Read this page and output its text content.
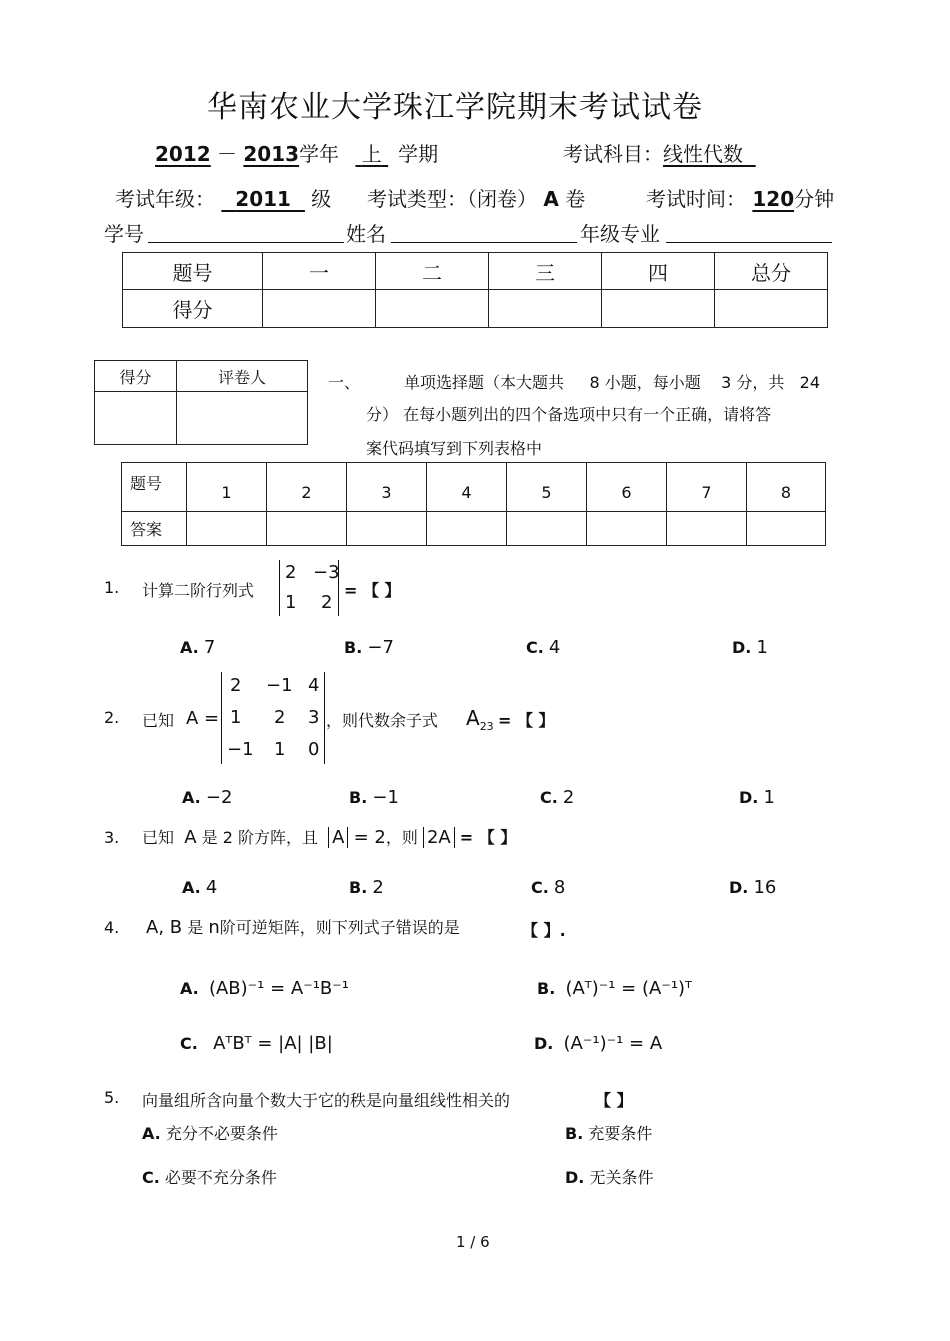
华南农业大学珠江学院期末考试试卷
2012 － 2013学年 上 学期	考试科目：线性代数
考试年级： 2011 级 考试类型：（闭卷） A 卷	考试时间： 120分钟
学号	姓名	年级专业
题号	一	二	三	四	总分
得分					
得分	评卷人
		一、	单项选择题（本大题共 8 小题，每小题 3 分，共 24
分） 在每小题列出的四个备选项中只有一个正确，请将答
案代码填写到下列表格中
题号	1	2	3	4	5	6	7	8
答案								
1. 计算二阶行列式
2 −3
1 2
= 【 】
A. 7	B. −7	C. 4	D. 1
2. 已知 A =
2 −1 4
1 2 3
−1 1 0
，则代数余子式 $A_{23}$ = 【 】
A. −2	B. −1	C. 2	D. 1
3. 已知 A 是 2 阶方阵，且 A = 2，则 2A = 【 】
A. 4	B. 2	C. 8	D. 16
4. A, B 是 n阶可逆矩阵，则下列式子错误的是	【 】.
A. (AB)⁻¹ = A⁻¹B⁻¹	B. (Aᵀ)⁻¹ = (A⁻¹)ᵀ
C. AᵀBᵀ = |A| |B|	D. (A⁻¹)⁻¹ = A
5. 向量组所含向量个数大于它的秩是向量组线性相关的	【 】
A. 充分不必要条件	B. 充要条件
C. 必要不充分条件	D. 无关条件
1 / 6
